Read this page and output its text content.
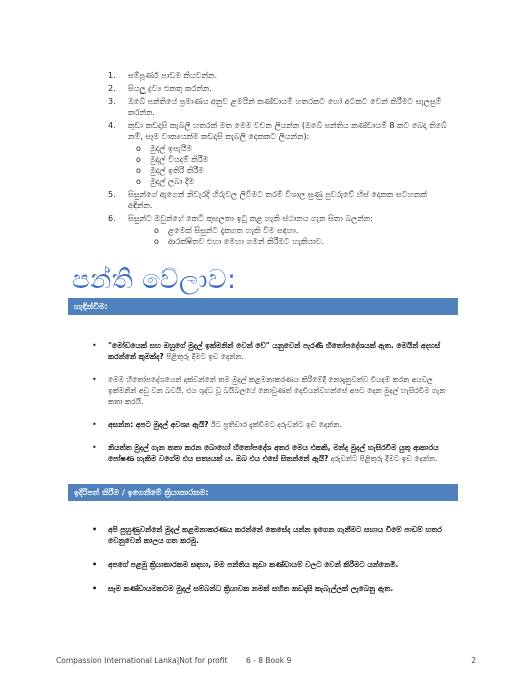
1.	සම්පූර්ණ පාඩම කියවන්න.
2.	සියලු ද්‍රව්‍ය එකතු කරන්න.
3.	ඔබේ පන්තියේ ප්‍රමාණය අනුව ළමයින් කණ්ඩායම් හතරකට හෝ අටකට වෙන් කිරීමට සැලසුම් කරන්න.
4.	කුඩා කඩදාසි කැබලි හතරක් මත මෙම වචන ලියන්න (ඔබේ පන්තිය කණ්ඩායම් 8 කට බෙදා තිබේ නම්, සෑම වාක්‍යයක්ම කඩදාසි කැබලි දෙකකට ලියන්න):
o මුදල් ඉපැයීම
o මුදල් වියදම් කිරීම
o මුදල් ඉතිරි කිරීම
o මුදල් ලබා දීම
5.	සිසුන්ගේ ඇගෙන් නිවැරදි හිරුවල ලිවීමට තරම් විශාල ඝුණු පුවරුවේ හිස් දෙකක සටහනක් අඳින්න.
6.	සිසුන්ට ඔවුන්ගේ කෙටි කුසලතා ඉටු කළ හැකි ස්ථානය ගැන සිතා බලන්න:
o ළමෙක් සිසුන්ට දැකගත හැකි විම සඳහා.
o ආරක්ෂිතව එහා මෙහා ගමන් කිරීමට හැකියාව.
පන්ති වේලාව:
හැඳින්වීම:
• "මෝඩයෙක් සහ ඔහුගේ මුදල් ඉක්මනින් වෙන් වේ" යනුවෙන් පැරණි හිතෝපදේශයක් ඇත. මෙයින් අදහස් කරන්නේ කුමක්ද? පිළිතුරු දීමට ඉඩ දෙන්න.
• මෙම හිතෝපදේශයෙන් දක්වන්නේ තම මුදල් කළමනාකරණය කිරීමේදී නොදැනුවත්ව වියදම් කරන අයවල ඉක්මනින් අඩු වන බවයි. එය ශුද්ධ වූ බයිබලයේ නොවුණත් දෙවියන්වහන්සේ අපට දෙන මුදල් හැසිරවීම ගැන කතා කරයි.
• අසන්න: අපට මුදල් අවශ්‍ය ඇයි? ඊට ප්‍රතිචාර දැක්වීමට දරුවන්ට ඉඩ දෙන්න.
• නියත්ත මුදල් ගැන කතා කරන බොහෝ හිතෝපදේශ අතර මෙය එකකි, මන්ද මුදල් හැසිරවීම යුතු ආකාරය පෝෂණ හැකිම වගේම එය සත්‍යයක් ය. ඔබ එය එසේ සිතන්නේ ඇයි? දරුවන්ට පිළිතුරු දීමට ඉඩ දෙන්න.
ඉදිරිපත් කිරීම / ඉගෙනීමේ ක්‍රියාකාරකම:
• අපි පුහුණුවන්නේ මුදල් කළමනාකරණය කරන්නේ කෙසේද යන්න ඉගෙන ගැනීමට සහාය වීමේ පාඩම් හතර වෙනුවෙන් කාලය ගත කරමු.
• අපගේ පළමු ක්‍රියාකාරකම සඳහා, මම පන්තිය කුඩා කණ්ඩායම් වලට වෙන් කිරීමට යන්නෙමි.
• සෑම කණ්ඩායමකටම මුදල් සම්බන්ධ ක්‍රියාවක නමක් සහිත කඩදාසි කැබැල්ලක් ලැබෙනු ඇත.
Compassion International Lanka|Not for profit 6 - 8 Book 9	2
